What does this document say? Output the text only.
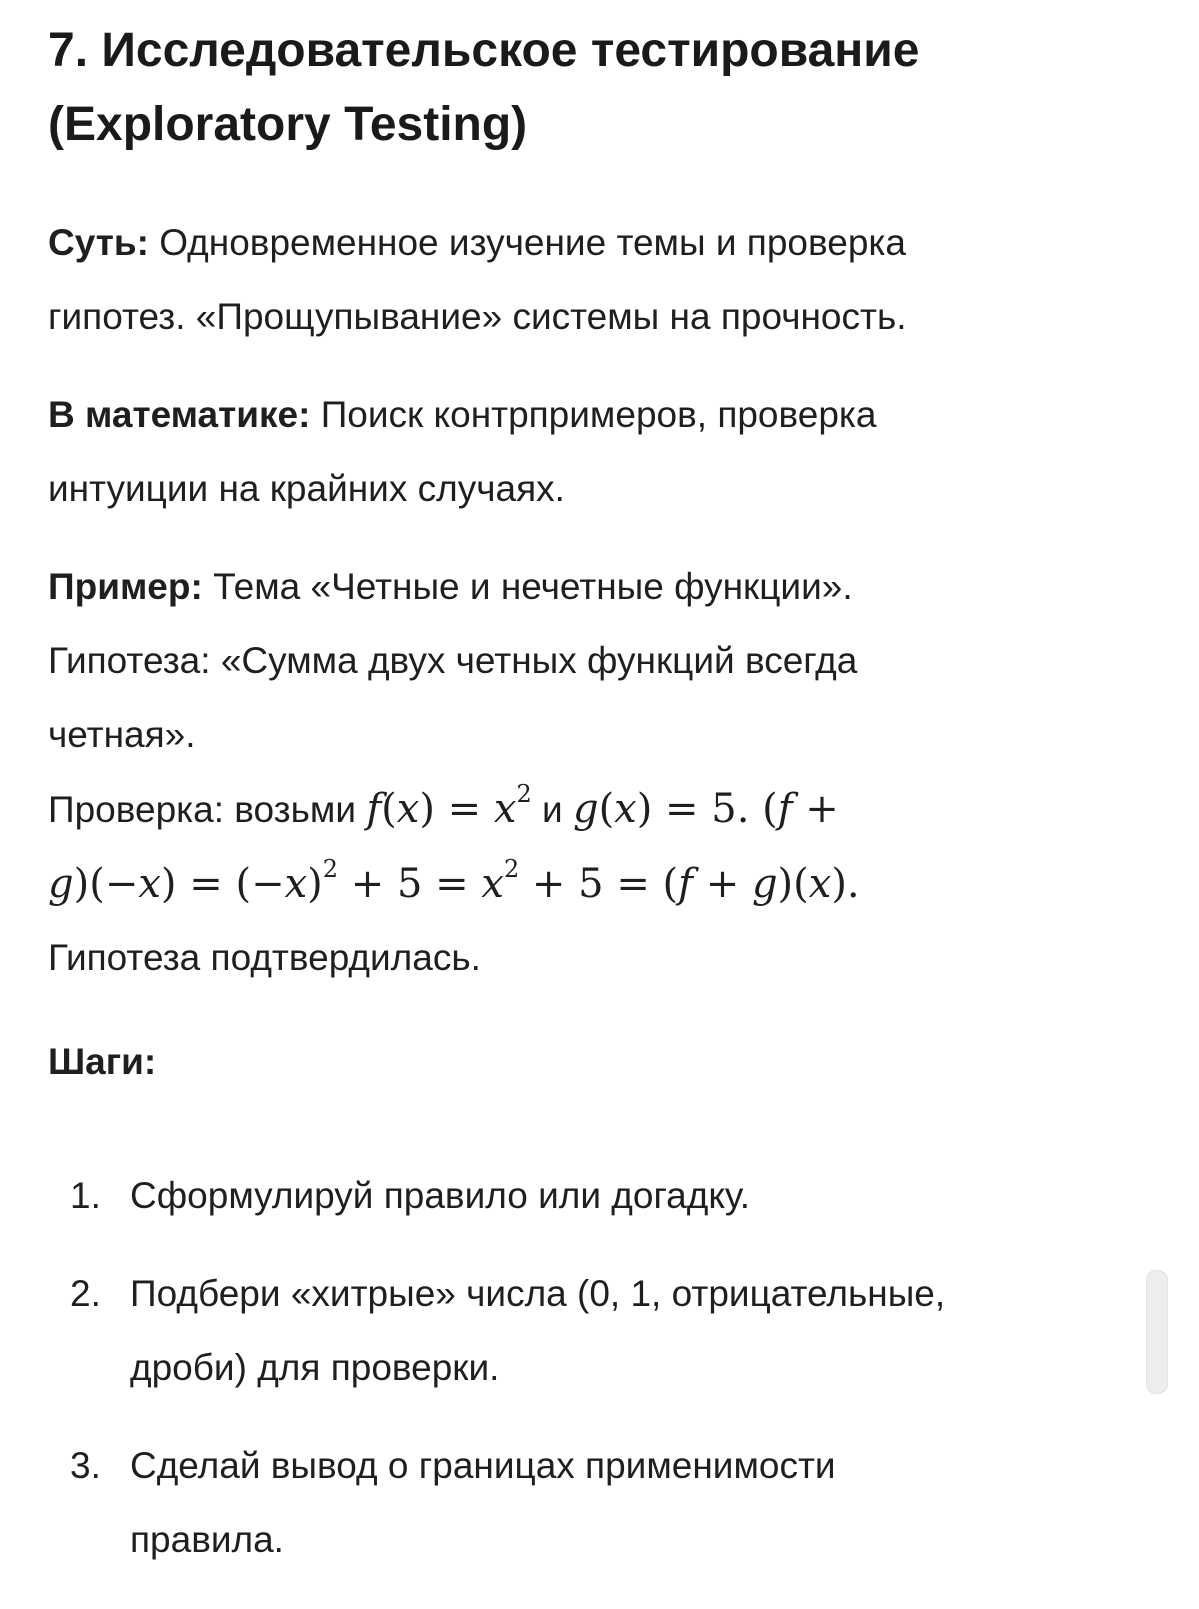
7. Исследовательское тестирование
(Exploratory Testing)

Суть: Одновременное изучение темы и проверка
гипотез. «Прощупывание» системы на прочность.

В математике: Поиск контрпримеров, проверка
интуиции на крайних случаях.

Пример: Тема «Четные и нечетные функции».
Гипотеза: «Сумма двух четных функций всегда
четная».
Проверка: возьми $f(x) = x^2$ и g(x) = 5. (f +
$g)(-x) = (-x)^2 + 5 = x^2 + 5 = (f + g)(x)$.
Гипотеза подтвердилась.
Шаги:
1. Сформулируй правило или догадку.
2. Подбери «хитрые» числа (0, 1, отрицательные,
дроби) для проверки.
3. Сделай вывод о границах применимости
правила.
